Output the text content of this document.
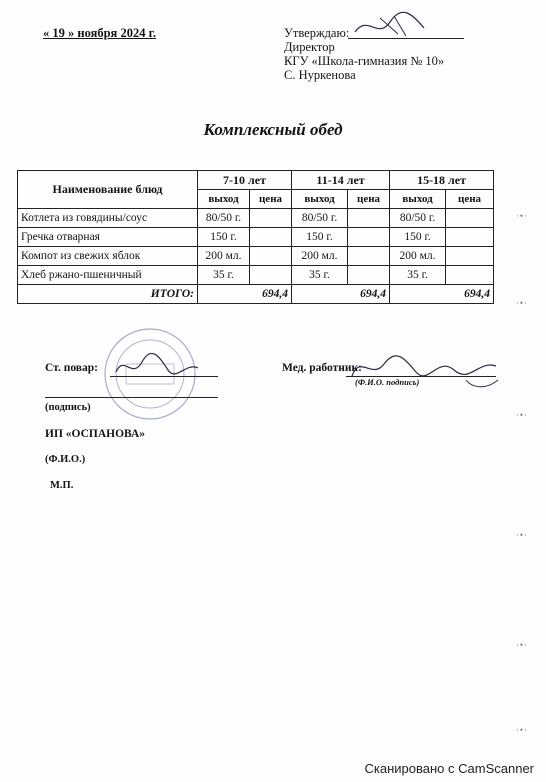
« 19 » ноября 2024 г.	Утверждаю:
Директор
КГУ «Школа-гимназия № 10»
С. Нуркенова
Комплексный обед
Наименование блюд	7-10 лет		11-14 лет		15-18 лет	
	выход	цена	выход	цена	выход	цена
Котлета из говядины/соус	80/50 г.		80/50 г.		80/50 г.	
Гречка отварная	150 г.		150 г.		150 г.	
Компот из свежих яблок	200 мл.		200 мл.		200 мл.	
Хлеб ржано-пшеничный	35 г.		35 г.		35 г.	
ИТОГО:	694,4		694,4		694,4	
·•·
·•·
·•·
·•·
·•·
·•·
Ст. повар:
(подпись)
ИП «ОСПАНОВА»
(Ф.И.О.)
М.П.
Мед. работник:
(Ф.И.О. подпись)
Сканировано с CamScanner
